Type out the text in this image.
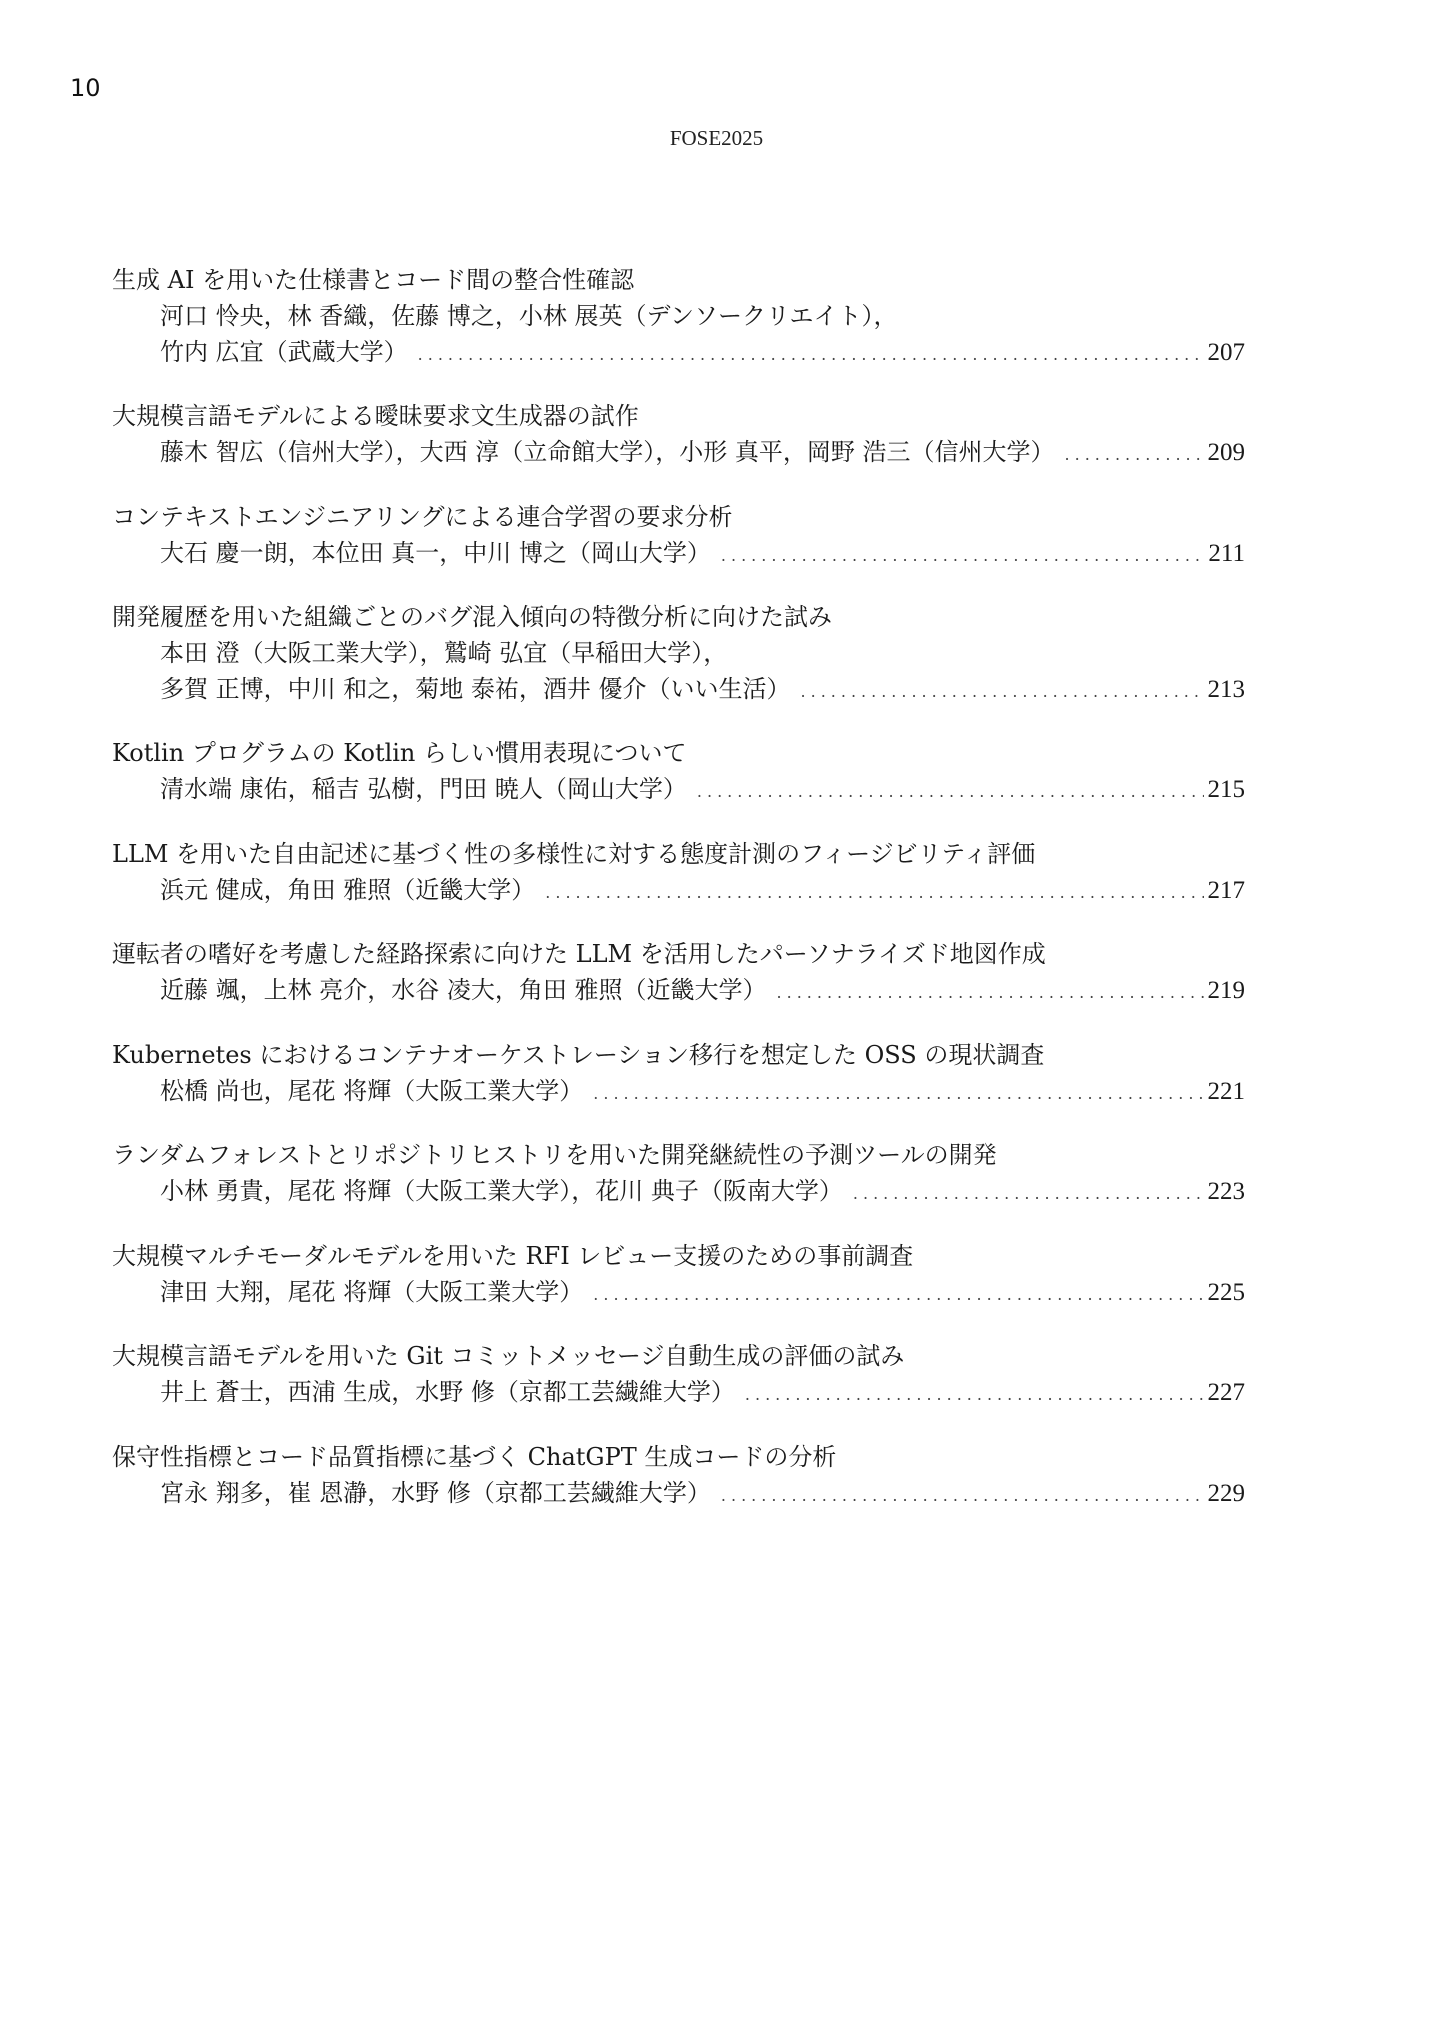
10
FOSE2025
生成 AI を用いた仕様書とコード間の整合性確認
河口 怜央，林 香織，佐藤 博之，小林 展英（デンソークリエイト），
竹内 広宜（武蔵大学） .....	207
大規模言語モデルによる曖昧要求文生成器の試作
藤木 智広（信州大学），大西 淳（立命館大学），小形 真平，岡野 浩三（信州大学） .....	209
コンテキストエンジニアリングによる連合学習の要求分析
大石 慶一朗，本位田 真一，中川 博之（岡山大学） .....	211
開発履歴を用いた組織ごとのバグ混入傾向の特徴分析に向けた試み
本田 澄（大阪工業大学），鷲崎 弘宜（早稲田大学），
多賀 正博，中川 和之，菊地 泰祐，酒井 優介（いい生活） .....	213
Kotlin プログラムの Kotlin らしい慣用表現について
清水端 康佑，稲吉 弘樹，門田 暁人（岡山大学） .....	215
LLM を用いた自由記述に基づく性の多様性に対する態度計測のフィージビリティ評価
浜元 健成，角田 雅照（近畿大学） .....	217
運転者の嗜好を考慮した経路探索に向けた LLM を活用したパーソナライズド地図作成
近藤 颯，上林 亮介，水谷 凌大，角田 雅照（近畿大学） .....	219
Kubernetes におけるコンテナオーケストレーション移行を想定した OSS の現状調査
松橋 尚也，尾花 将輝（大阪工業大学） .....	221
ランダムフォレストとリポジトリヒストリを用いた開発継続性の予測ツールの開発
小林 勇貴，尾花 将輝（大阪工業大学），花川 典子（阪南大学） .....	223
大規模マルチモーダルモデルを用いた RFI レビュー支援のための事前調査
津田 大翔，尾花 将輝（大阪工業大学） .....	225
大規模言語モデルを用いた Git コミットメッセージ自動生成の評価の試み
井上 蒼士，西浦 生成，水野 修（京都工芸繊維大学） .....	227
保守性指標とコード品質指標に基づく ChatGPT 生成コードの分析
宮永 翔多，崔 恩瀞，水野 修（京都工芸繊維大学） .....	229
